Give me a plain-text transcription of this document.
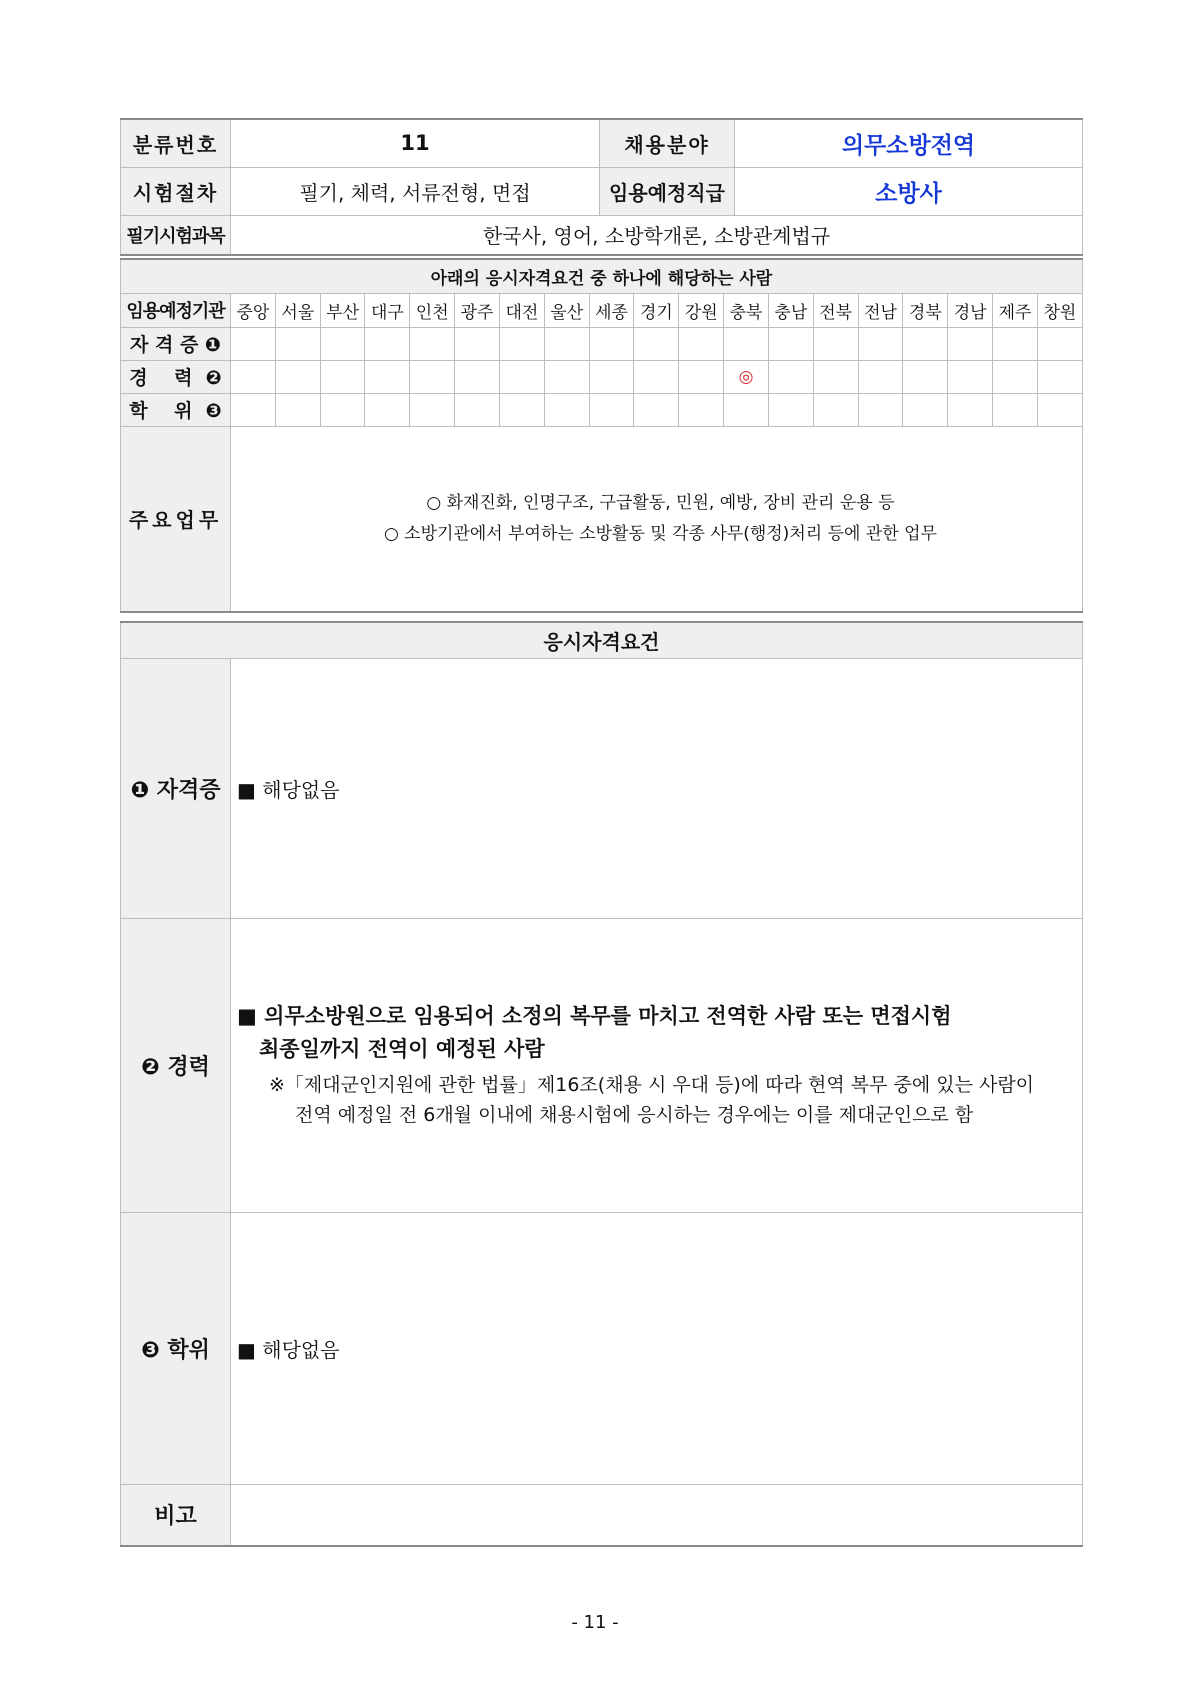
분류번호	11	채용분야	의무소방전역
시험절차	필기, 체력, 서류전형, 면접	임용예정직급	소방사
필기시험과목	한국사, 영어, 소방학개론, 소방관계법규		
아래의 응시자격요건 중 하나에 해당하는 사람																			
임용예정기관	중앙	서울	부산	대구	인천	광주	대전	울산	세종	경기	강원	충북	충남	전북	전남	경북	경남	제주	창원
자 격 증 ❶																			
경    력  ❷												◎							
학    위  ❸																			
주요업무	○ 화재진화, 인명구조, 구급활동, 민원, 예방, 장비 관리 운용 등
○ 소방기관에서 부여하는 소방활동 및 각종 사무(행정)처리 등에 관한 업무																		
응시자격요건	
❶ 자격증	■ 해당없음
❷ 경력	■ 의무소방원으로 임용되어 소정의 복무를 마치고 전역한 사람 또는 면접시험
최종일까지 전역이 예정된 사람
※「제대군인지원에 관한 법률」제16조(채용 시 우대 등)에 따라 현역 복무 중에 있는 사람이
전역 예정일 전 6개월 이내에 채용시험에 응시하는 경우에는 이를 제대군인으로 함

❸ 학위	■ 해당없음
비고	
- 11 -
